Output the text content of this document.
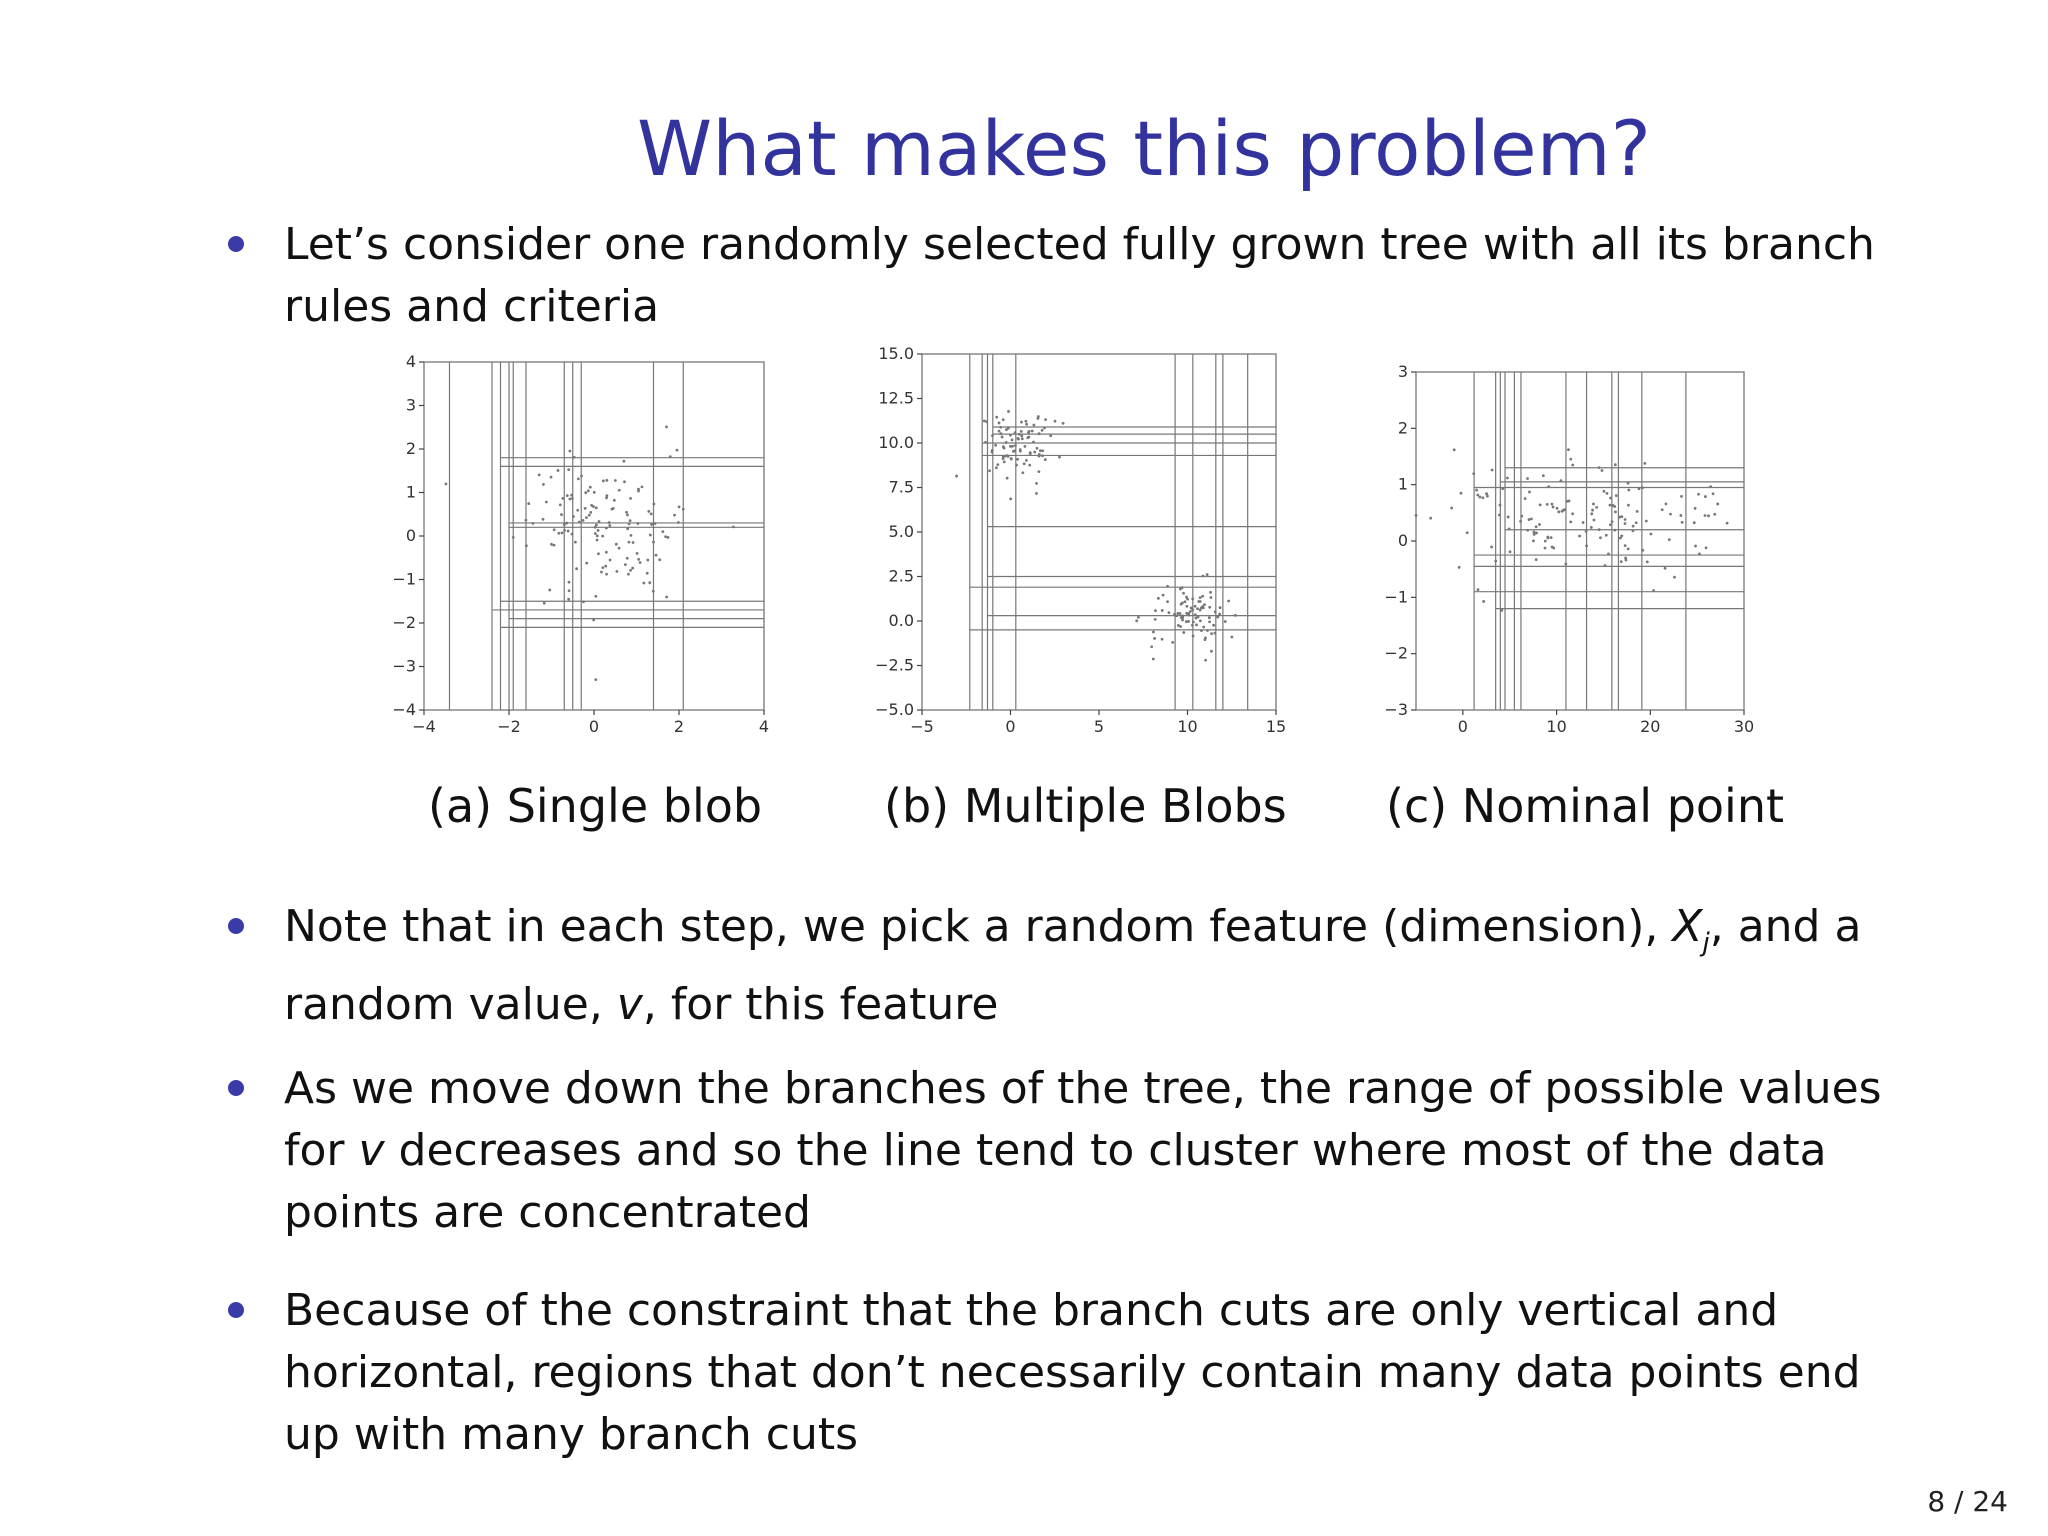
What makes this problem?
Let’s consider one randomly selected fully grown tree with all its branch rules and criteria
−4	−2	0	2	4
−4
−3
−2
−1
0
1
2
3
4
−5	0	5	10	15
−5.0
−2.5
0.0
2.5
5.0
7.5
10.0
12.5
15.0
0	10	20	30
−3
−2
−1
0
1
2
3
(a) Single blob	(b) Multiple Blobs (c) Nominal point
Note that in each step, we pick a random feature (dimension), $X_j$, and a random value, v, for this feature
As we move down the branches of the tree, the range of possible values for v decreases and so the line tend to cluster where most of the data points are concentrated
Because of the constraint that the branch cuts are only vertical and horizontal, regions that don’t necessarily contain many data points end up with many branch cuts
8 / 24
